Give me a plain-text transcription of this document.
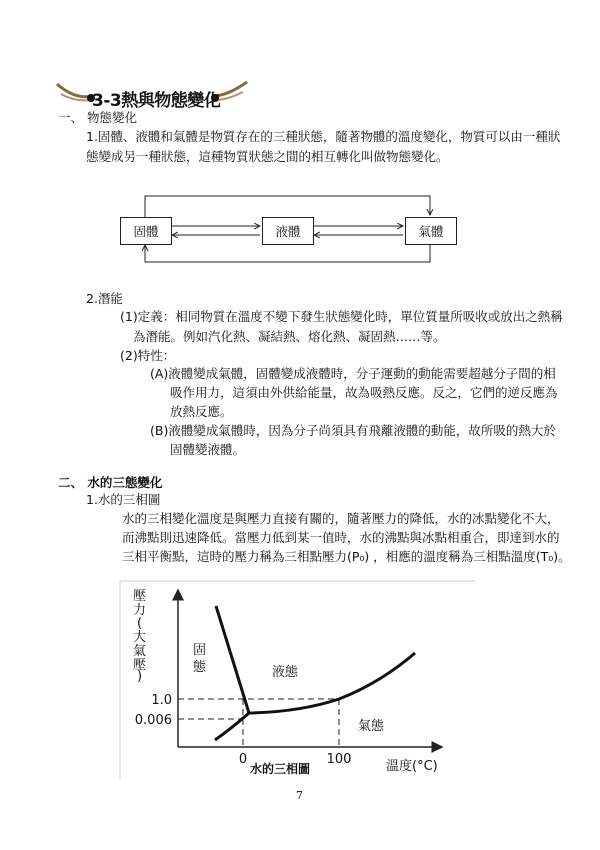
3-3熱與物態變化
一、 物態變化
1.固體、液體和氣體是物質存在的三種狀態，隨著物體的溫度變化，物質可以由一種狀
態變成另一種狀態，這種物質狀態之間的相互轉化叫做物態變化。
固體	液體	氣體
2.潛能
(1)定義：相同物質在溫度不變下發生狀態變化時，單位質量所吸收或放出之熱稱
為潛能。例如汽化熱、凝結熱、熔化熱、凝固熱……等。
(2)特性：
(A)液體變成氣體，固體變成液體時，分子運動的動能需要超越分子間的相
吸作用力，這須由外供給能量，故為吸熱反應。反之，它們的逆反應為
放熱反應。
(B)液體變成氣體時，因為分子尚須具有飛離液體的動能，故所吸的熱大於
固體變液體。
二、 水的三態變化
1.水的三相圖
水的三相變化溫度是與壓力直接有關的，隨著壓力的降低，水的冰點變化不大，
而沸點則迅速降低。當壓力低到某一值時，水的沸點與冰點相重合，即達到水的
三相平衡點，這時的壓力稱為三相點壓力(P₀) ，相應的溫度稱為三相點溫度(T₀)。
壓
力
(
大
氣
壓
)
1.0
0.006
0	100	溫度(°C)
固
態	液態
氣態
水的三相圖
7
